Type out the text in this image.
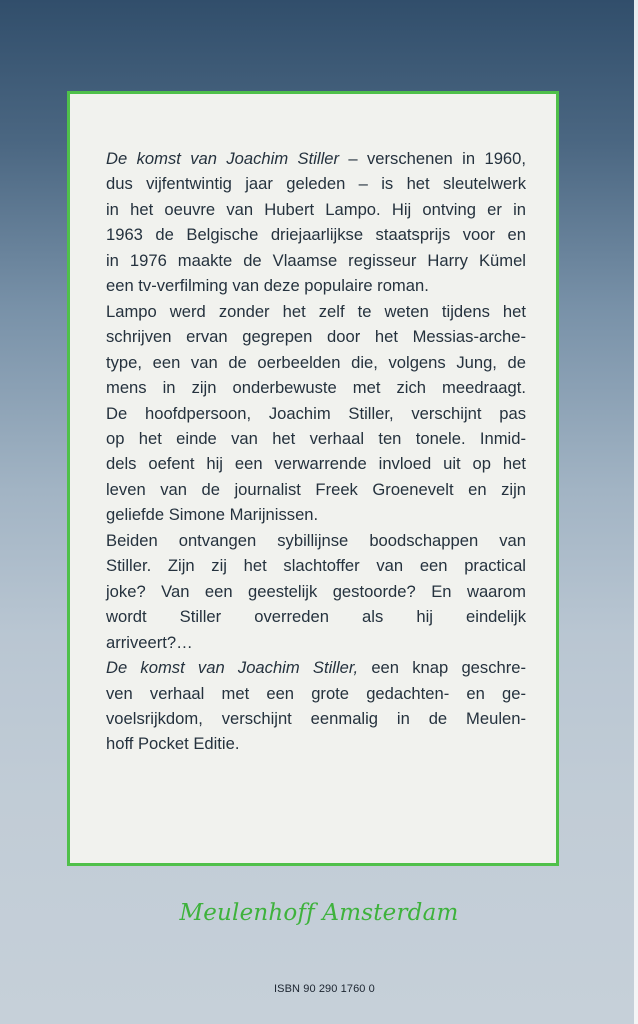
De komst van Joachim Stiller – verschenen in 1960,
dus vijfentwintig jaar geleden – is het sleutelwerk
in het oeuvre van Hubert Lampo. Hij ontving er in
1963 de Belgische driejaarlijkse staatsprijs voor en
in 1976 maakte de Vlaamse regisseur Harry Kümel
een tv-verfilming van deze populaire roman.
Lampo werd zonder het zelf te weten tijdens het
schrijven ervan gegrepen door het Messias-arche-
type, een van de oerbeelden die, volgens Jung, de
mens in zijn onderbewuste met zich meedraagt.
De hoofdpersoon, Joachim Stiller, verschijnt pas
op het einde van het verhaal ten tonele. Inmid-
dels oefent hij een verwarrende invloed uit op het
leven van de journalist Freek Groenevelt en zijn
geliefde Simone Marijnissen.
Beiden ontvangen sybillijnse boodschappen van
Stiller. Zijn zij het slachtoffer van een practical
joke? Van een geestelijk gestoorde? En waarom
wordt Stiller overreden als hij eindelijk
arriveert?…
De komst van Joachim Stiller, een knap geschre-
ven verhaal met een grote gedachten- en ge-
voelsrijkdom, verschijnt eenmalig in de Meulen-
hoff Pocket Editie.
Meulenhoff Amsterdam
ISBN 90 290 1760 0
